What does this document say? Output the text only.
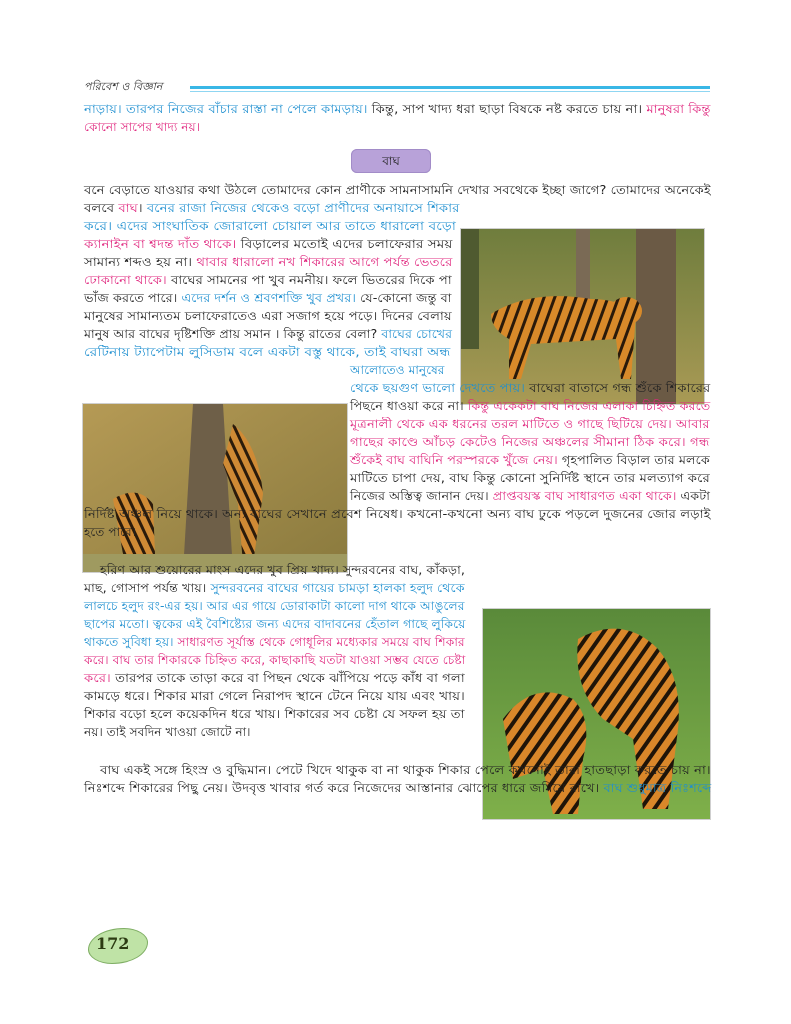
পরিবেশ ও বিজ্ঞান
বাঘ
নাড়ায়। তারপর নিজের বাঁচার রাস্তা না পেলে কামড়ায়। কিন্তু, সাপ খাদ্য ধরা ছাড়া বিষকে নষ্ট করতে চায় না। মানুষরা কিন্তু
কোনো সাপের খাদ্য নয়।
বনে বেড়াতে যাওয়ার কথা উঠলে তোমাদের কোন প্রাণীকে সামনাসামনি দেখার সবথেকে ইচ্ছা জাগে? তোমাদের অনেকেই
বলবে বাঘ। বনের রাজা নিজের থেকেও বড়ো প্রাণীদের অনায়াসে শিকার
করে। এদের সাংঘাতিক জোরালো চোয়াল আর তাতে ধারালো বড়ো
ক্যানাইন বা শ্বদন্ত দাঁত থাকে। বিড়ালের মতোই এদের চলাফেরার সময়
সামান্য শব্দও হয় না। থাবার ধারালো নখ শিকারের আগে পর্যন্ত ভেতরে
ঢোকানো থাকে। বাঘের সামনের পা খুব নমনীয়। ফলে ভিতরের দিকে পা
ভাঁজ করতে পারে। এদের দর্শন ও শ্রবণশক্তি খুব প্রখর। যে-কোনো জন্তু বা
মানুষের সামান্যতম চলাফেরাতেও এরা সজাগ হয়ে পড়ে। দিনের বেলায়
মানুষ আর বাঘের দৃষ্টিশক্তি প্রায় সমান । কিন্তু রাতের বেলা? বাঘের চোখের
রেটিনায় ট্যাপেটাম লুসিডাম বলে একটা বস্তু থাকে, তাই বাঘরা অন্ধ
আলোতেও মানুষের
থেকে ছয়গুণ ভালো দেখতে পায়। বাঘেরা বাতাসে গন্ধ শুঁকে শিকারের
পিছনে ধাওয়া করে না। কিন্তু একেকটা বাঘ নিজের এলাকা চিহ্নিত করতে
মূত্রনালী থেকে এক ধরনের তরল মাটিতে ও গাছে ছিটিয়ে দেয়। আবার
গাছের কাণ্ডে আঁচড় কেটেও নিজের অঞ্চলের সীমানা ঠিক করে। গন্ধ
শুঁকেই বাঘ বাঘিনি পরস্পরকে খুঁজে নেয়। গৃহপালিত বিড়াল তার মলকে
মাটিতে চাপা দেয়, বাঘ কিন্তু কোনো সুনির্দিষ্ট স্থানে তার মলত্যাগ করে
নিজের অস্তিত্ব জানান দেয়। প্রাপ্তবয়স্ক বাঘ সাধারণত একা থাকে। একটা
নির্দিষ্ট অঞ্চল নিয়ে থাকে। অন্য বাঘের সেখানে প্রবেশ নিষেধ। কখনো-কখনো অন্য বাঘ ঢুকে পড়লে দুজনের জোর লড়াই
হতে পারে।
হরিণ আর শুয়োরের মাংস এদের খুব প্রিয় খাদ্য। সুন্দরবনের বাঘ, কাঁকড়া,
মাছ, গোসাপ পর্যন্ত খায়। সুন্দরবনের বাঘের গায়ের চামড়া হালকা হলুদ থেকে
লালচে হলুদ রং-এর হয়। আর এর গায়ে ডোরাকাটা কালো দাগ থাকে আঙুলের
ছাপের মতো। ত্বকের এই বৈশিষ্ট্যের জন্য এদের বাদাবনের হেঁতাল গাছে লুকিয়ে
থাকতে সুবিধা হয়। সাধারণত সূর্যাস্ত থেকে গোধূলির মধ্যেকার সময়ে বাঘ শিকার
করে। বাঘ তার শিকারকে চিহ্নিত করে, কাছাকাছি যতটা যাওয়া সম্ভব যেতে চেষ্টা
করে। তারপর তাকে তাড়া করে বা পিছন থেকে ঝাঁপিয়ে পড়ে কাঁধ বা গলা
কামড়ে ধরে। শিকার মারা গেলে নিরাপদ স্থানে টেনে নিয়ে যায় এবং খায়।
শিকার বড়ো হলে কয়েকদিন ধরে খায়। শিকারের সব চেষ্টা যে সফল হয় তা
নয়। তাই সবদিন খাওয়া জোটে না।
বাঘ একই সঙ্গে হিংস্র ও বুদ্ধিমান। পেটে খিদে থাকুক বা না থাকুক শিকার পেলে কখনোই তারা হাতছাড়া করতে চায় না।
নিঃশব্দে শিকারের পিছু নেয়। উদবৃত্ত খাবার গর্ত করে নিজেদের আস্তানার ঝোপের ধারে জমিয়ে রাখে। বাঘ শুধুমাত্র নিঃশব্দে
172
